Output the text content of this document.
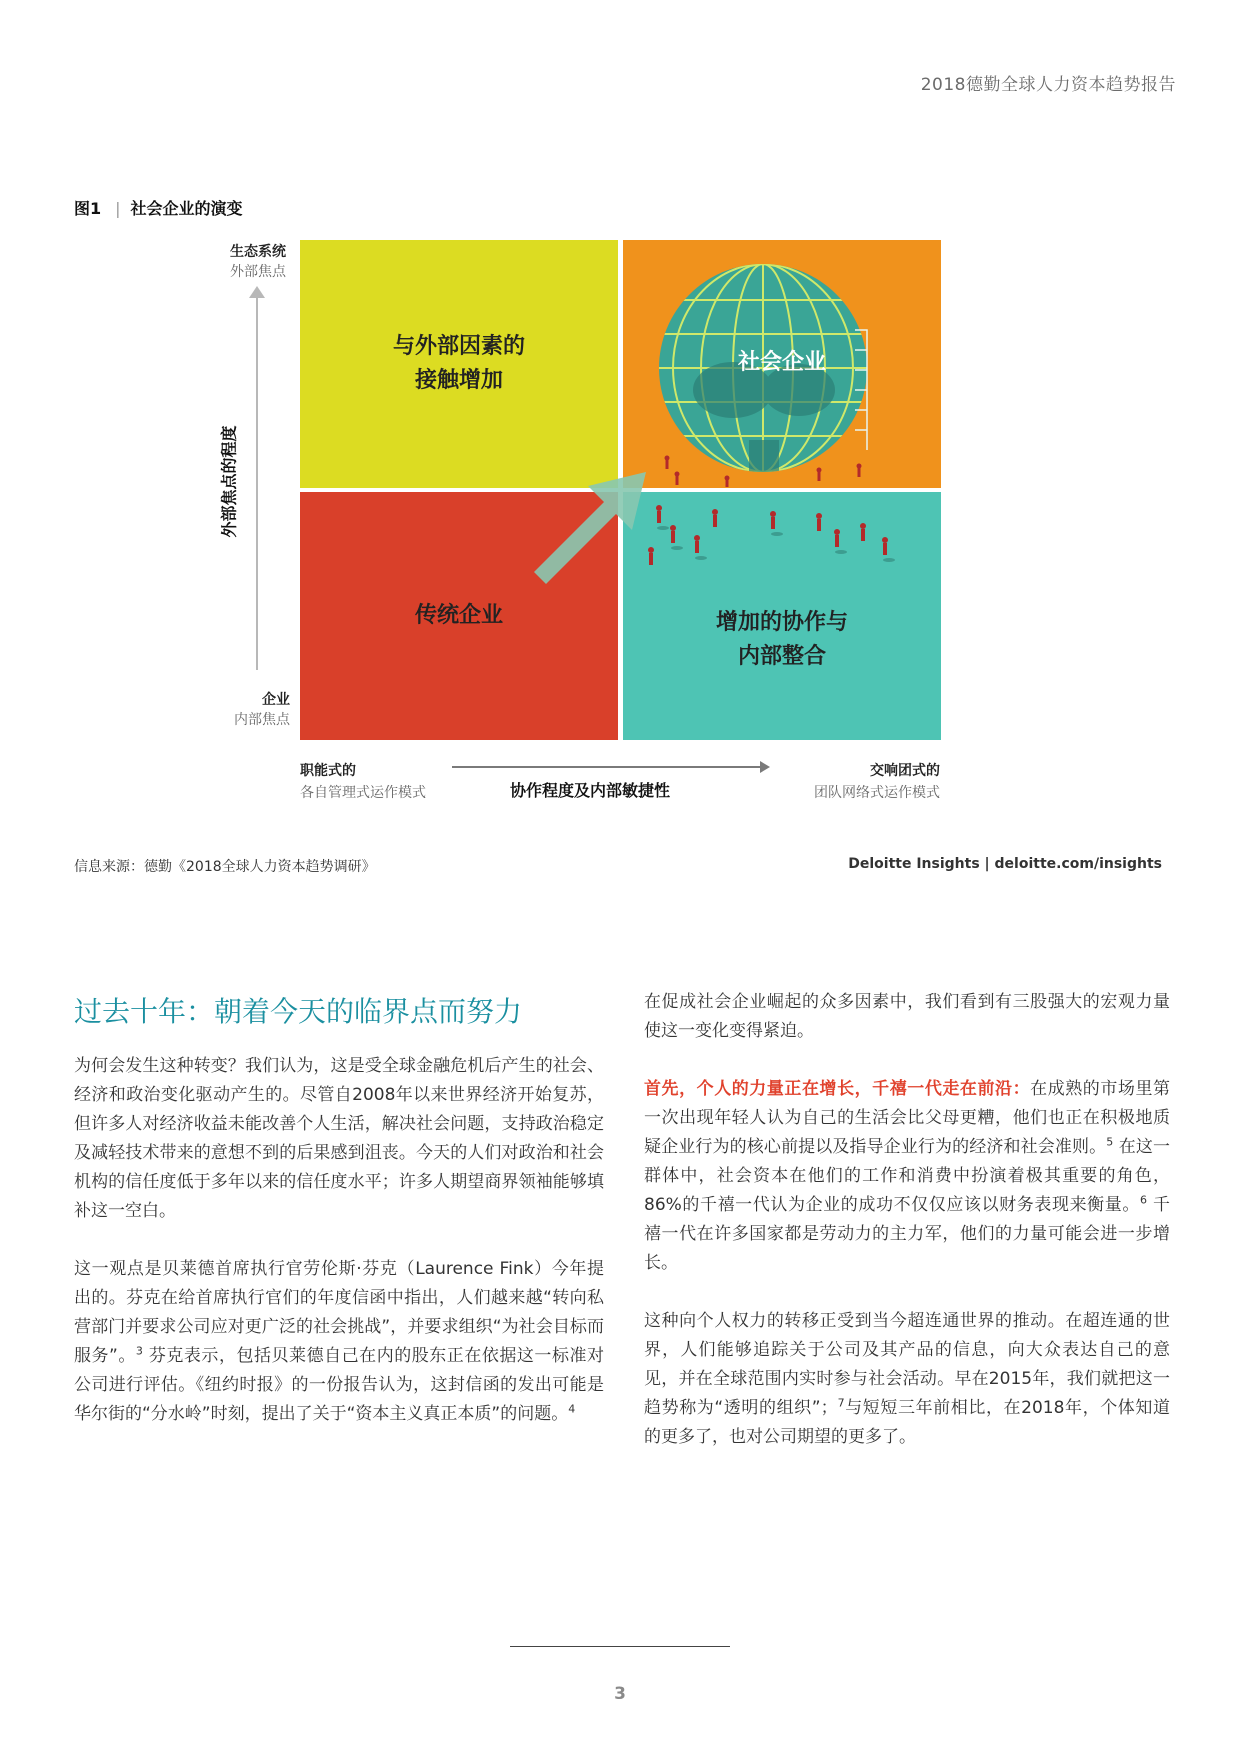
2018德勤全球人力资本趋势报告
图1 | 社会企业的演变
生态系统
外部焦点
外部焦点的程度
企业
内部焦点
与外部因素的
接触增加
社会企业
传统企业	增加的协作与
内部整合
职能式的
各自管理式运作模式	协作程度及内部敏捷性
交响团式的
团队网络式运作模式
信息来源：德勤《2018全球人力资本趋势调研》	Deloitte Insights | deloitte.com/insights
过去十年：朝着今天的临界点而努力

为何会发生这种转变？我们认为，这是受全球金融危机后产生的社会、经济和政治变化驱动产生的。尽管自2008年以来世界经济开始复苏，但许多人对经济收益未能改善个人生活，解决社会问题，支持政治稳定及减轻技术带来的意想不到的后果感到沮丧。今天的人们对政治和社会机构的信任度低于多年以来的信任度水平；许多人期望商界领袖能够填补这一空白。

这一观点是贝莱德首席执行官劳伦斯·芬克（Laurence Fink）今年提出的。芬克在给首席执行官们的年度信函中指出，人们越来越“转向私营部门并要求公司应对更广泛的社会挑战”，并要求组织“为社会目标而服务”。$^3$ 芬克表示，包括贝莱德自己在内的股东正在依据这一标准对公司进行评估。《纽约时报》的一份报告认为，这封信函的发出可能是华尔街的“分水岭”时刻，提出了关于“资本主义真正本质”的问题。$^4$

在促成社会企业崛起的众多因素中，我们看到有三股强大的宏观力量使这一变化变得紧迫。

首先，个人的力量正在增长，千禧一代走在前沿：在成熟的市场里第一次出现年轻人认为自己的生活会比父母更糟，他们也正在积极地质疑企业行为的核心前提以及指导企业行为的经济和社会准则。$^5$ 在这一群体中，社会资本在他们的工作和消费中扮演着极其重要的角色，86%的千禧一代认为企业的成功不仅仅应该以财务表现来衡量。$^6$ 千禧一代在许多国家都是劳动力的主力军，他们的力量可能会进一步增长。

这种向个人权力的转移正受到当今超连通世界的推动。在超连通的世界，人们能够追踪关于公司及其产品的信息，向大众表达自己的意见，并在全球范围内实时参与社会活动。早在2015年，我们就把这一趋势称为“透明的组织”；$^7$与短短三年前相比，在2018年，个体知道的更多了，也对公司期望的更多了。

3
